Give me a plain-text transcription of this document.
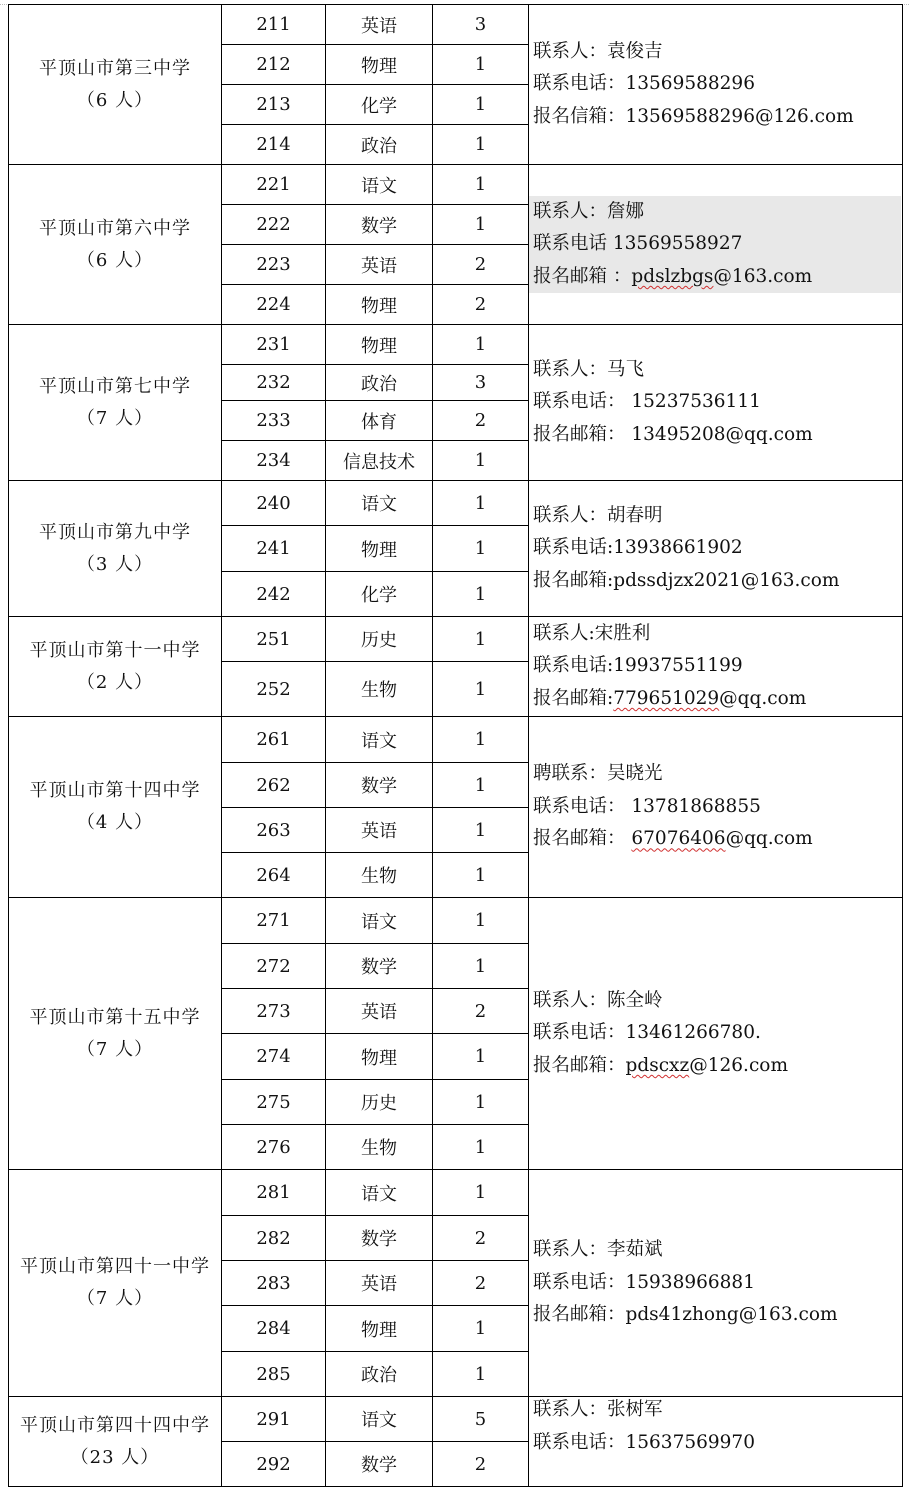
平顶山市第三中学
（6 人）
211	英语	3
212	物理	1
213	化学	1
214	政治	1
联系人：袁俊吉
联系电话：13569588296
报名信箱：13569588296@126.com
平顶山市第六中学
（6 人）
221	语文	1
222	数学	1
223	英语	2
224	物理	2
联系人：詹娜
联系电话 13569558927
报名邮箱 ：pdslzbgs@163.com
平顶山市第七中学
（7 人）
231	物理	1
232	政治	3
233	体育	2
234	信息技术	1
联系人：马飞
联系电话： 15237536111
报名邮箱： 13495208@qq.com
平顶山市第九中学
（3 人）
240	语文	1
241	物理	1
242	化学	1
联系人：胡春明
联系电话:13938661902
报名邮箱:pdssdjzx2021@163.com
平顶山市第十一中学
（2 人）
251	历史	1
252	生物	1
联系人:宋胜利
联系电话:19937551199
报名邮箱:779651029@qq.com
平顶山市第十四中学
（4 人）
261	语文	1
262	数学	1
263	英语	1
264	生物	1
聘联系：吴晓光
联系电话： 13781868855
报名邮箱： 67076406@qq.com
平顶山市第十五中学
（7 人）
271	语文	1
272	数学	1
273	英语	2
274	物理	1
275	历史	1
276	生物	1
联系人：陈全岭
联系电话：13461266780.
报名邮箱：pdscxz@126.com
平顶山市第四十一中学
（7 人）
281	语文	1
282	数学	2
283	英语	2
284	物理	1
285	政治	1
联系人：李茹斌
联系电话：15938966881
报名邮箱：pds41zhong@163.com
平顶山市第四十四中学
（23 人）
291	语文	5
292	数学	2
联系人：张树军
联系电话：15637569970
